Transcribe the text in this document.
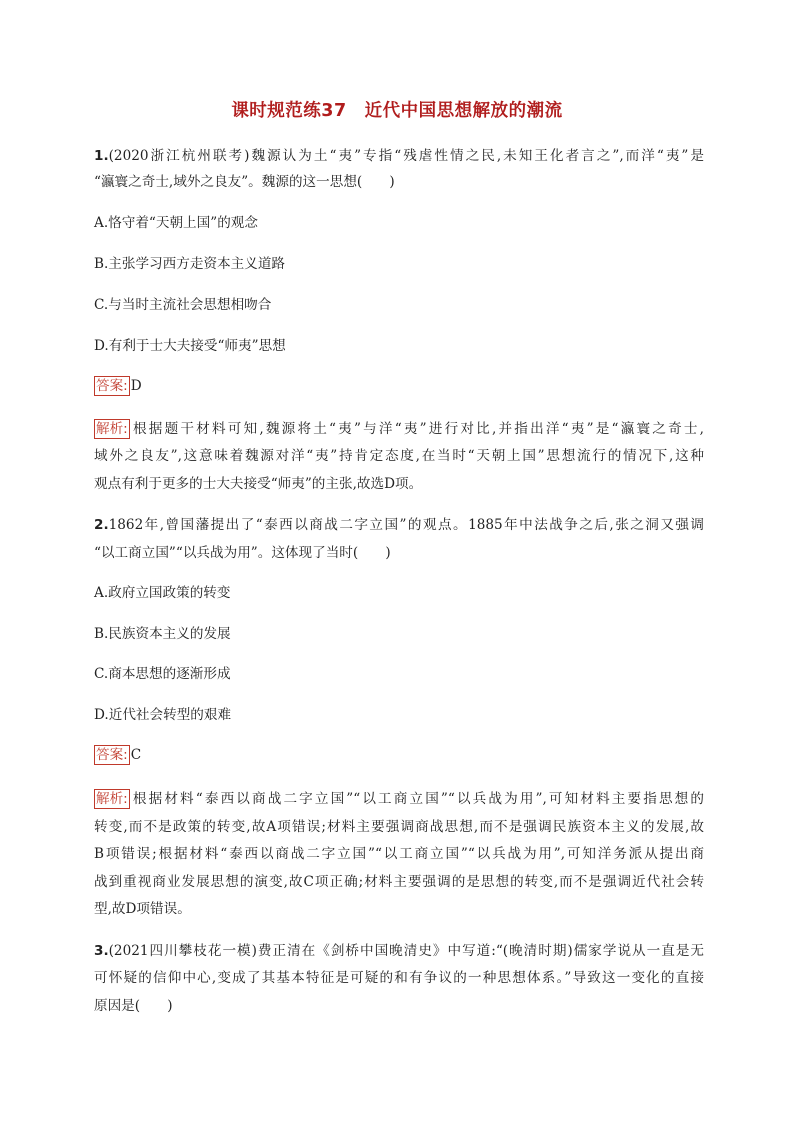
课时规范练37　近代中国思想解放的潮流
1.(2020浙江杭州联考)魏源认为土“夷”专指“残虐性情之民,未知王化者言之”,而洋“夷”是
“瀛寰之奇士,域外之良友”。魏源的这一思想(　　)
A.恪守着“天朝上国”的观念
B.主张学习西方走资本主义道路
C.与当时主流社会思想相吻合
D.有利于士大夫接受“师夷”思想
答案: D
解析: 根据题干材料可知,魏源将土“夷”与洋“夷”进行对比,并指出洋“夷”是“瀛寰之奇士,
域外之良友”,这意味着魏源对洋“夷”持肯定态度,在当时“天朝上国”思想流行的情况下,这种
观点有利于更多的士大夫接受“师夷”的主张,故选D项。
2.1862年,曾国藩提出了“泰西以商战二字立国”的观点。1885年中法战争之后,张之洞又强调
“以工商立国”“以兵战为用”。这体现了当时(　　)
A.政府立国政策的转变
B.民族资本主义的发展
C.商本思想的逐渐形成
D.近代社会转型的艰难
答案: C
解析: 根据材料“泰西以商战二字立国”“以工商立国”“以兵战为用”,可知材料主要指思想的
转变,而不是政策的转变,故A项错误;材料主要强调商战思想,而不是强调民族资本主义的发展,故
B项错误;根据材料“泰西以商战二字立国”“以工商立国”“以兵战为用”,可知洋务派从提出商
战到重视商业发展思想的演变,故C项正确;材料主要强调的是思想的转变,而不是强调近代社会转
型,故D项错误。
3.(2021四川攀枝花一模)费正清在《剑桥中国晚清史》中写道:“(晚清时期)儒家学说从一直是无
可怀疑的信仰中心,变成了其基本特征是可疑的和有争议的一种思想体系。”导致这一变化的直接
原因是(　　)
